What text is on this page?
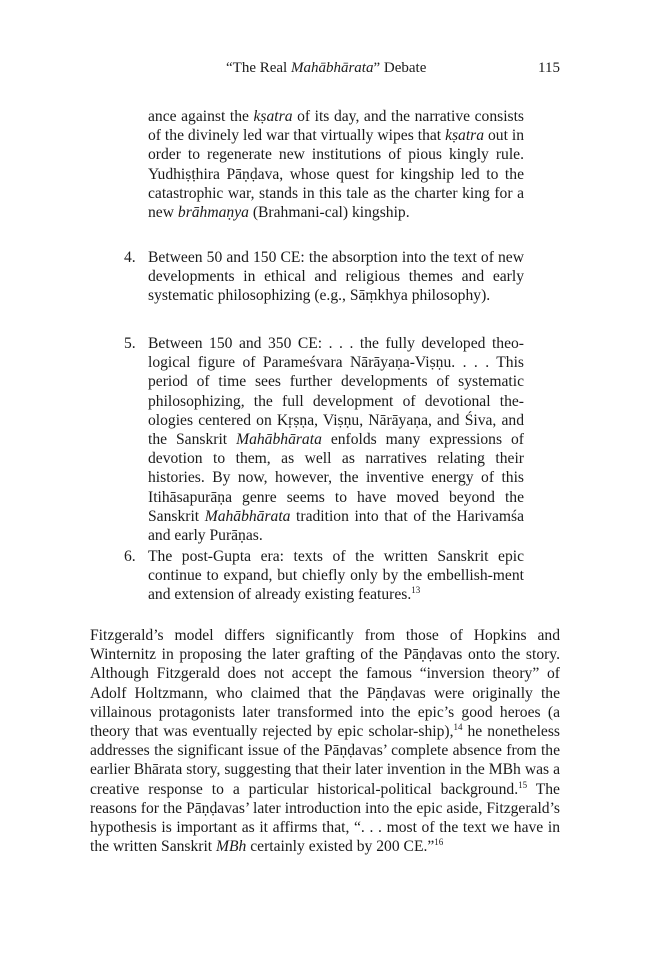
“The Real Mahābhārata” Debate	115

ance against the kṣatra of its day, and the narrative consists of the divinely led war that virtually wipes that kṣatra out in order to regenerate new institutions of pious kingly rule. Yudhiṣṭhira Pāṇḍava, whose quest for kingship led to the catastrophic war, stands in this tale as the charter king for a new brāhmaṇya (Brahmani-cal) kingship.

4. Between 50 and 150 CE: the absorption into the text of new developments in ethical and religious themes and early systematic philosophizing (e.g., Sāṃkhya philosophy).
5. Between 150 and 350 CE: . . . the fully developed theo-logical figure of Parameśvara Nārāyaṇa-Viṣṇu. . . . This period of time sees further developments of systematic philosophizing, the full development of devotional the-ologies centered on Kṛṣṇa, Viṣṇu, Nārāyaṇa, and Śiva, and the Sanskrit Mahābhārata enfolds many expressions of devotion to them, as well as narratives relating their histories. By now, however, the inventive energy of this Itihāsapurāṇa genre seems to have moved beyond the Sanskrit Mahābhārata tradition into that of the Harivamśa and early Purāṇas.
6. The post-Gupta era: texts of the written Sanskrit epic continue to expand, but chiefly only by the embellish-ment and extension of already existing features.$^{13}$
Fitzgerald’s model differs significantly from those of Hopkins and Winternitz in proposing the later grafting of the Pāṇḍavas onto the story. Although Fitzgerald does not accept the famous “inversion theory” of Adolf Holtzmann, who claimed that the Pāṇḍavas were originally the villainous protagonists later transformed into the epic’s good heroes (a theory that was eventually rejected by epic scholar-ship),$^{14}$ he nonetheless addresses the significant issue of the Pāṇḍavas’ complete absence from the earlier Bhārata story, suggesting that their later invention in the MBh was a creative response to a particular historical-political background.$^{15}$ The reasons for the Pāṇḍavas’ later introduction into the epic aside, Fitzgerald’s hypothesis is important as it affirms that, “. . . most of the text we have in the written Sanskrit MBh certainly existed by 200 CE.”$^{16}$
